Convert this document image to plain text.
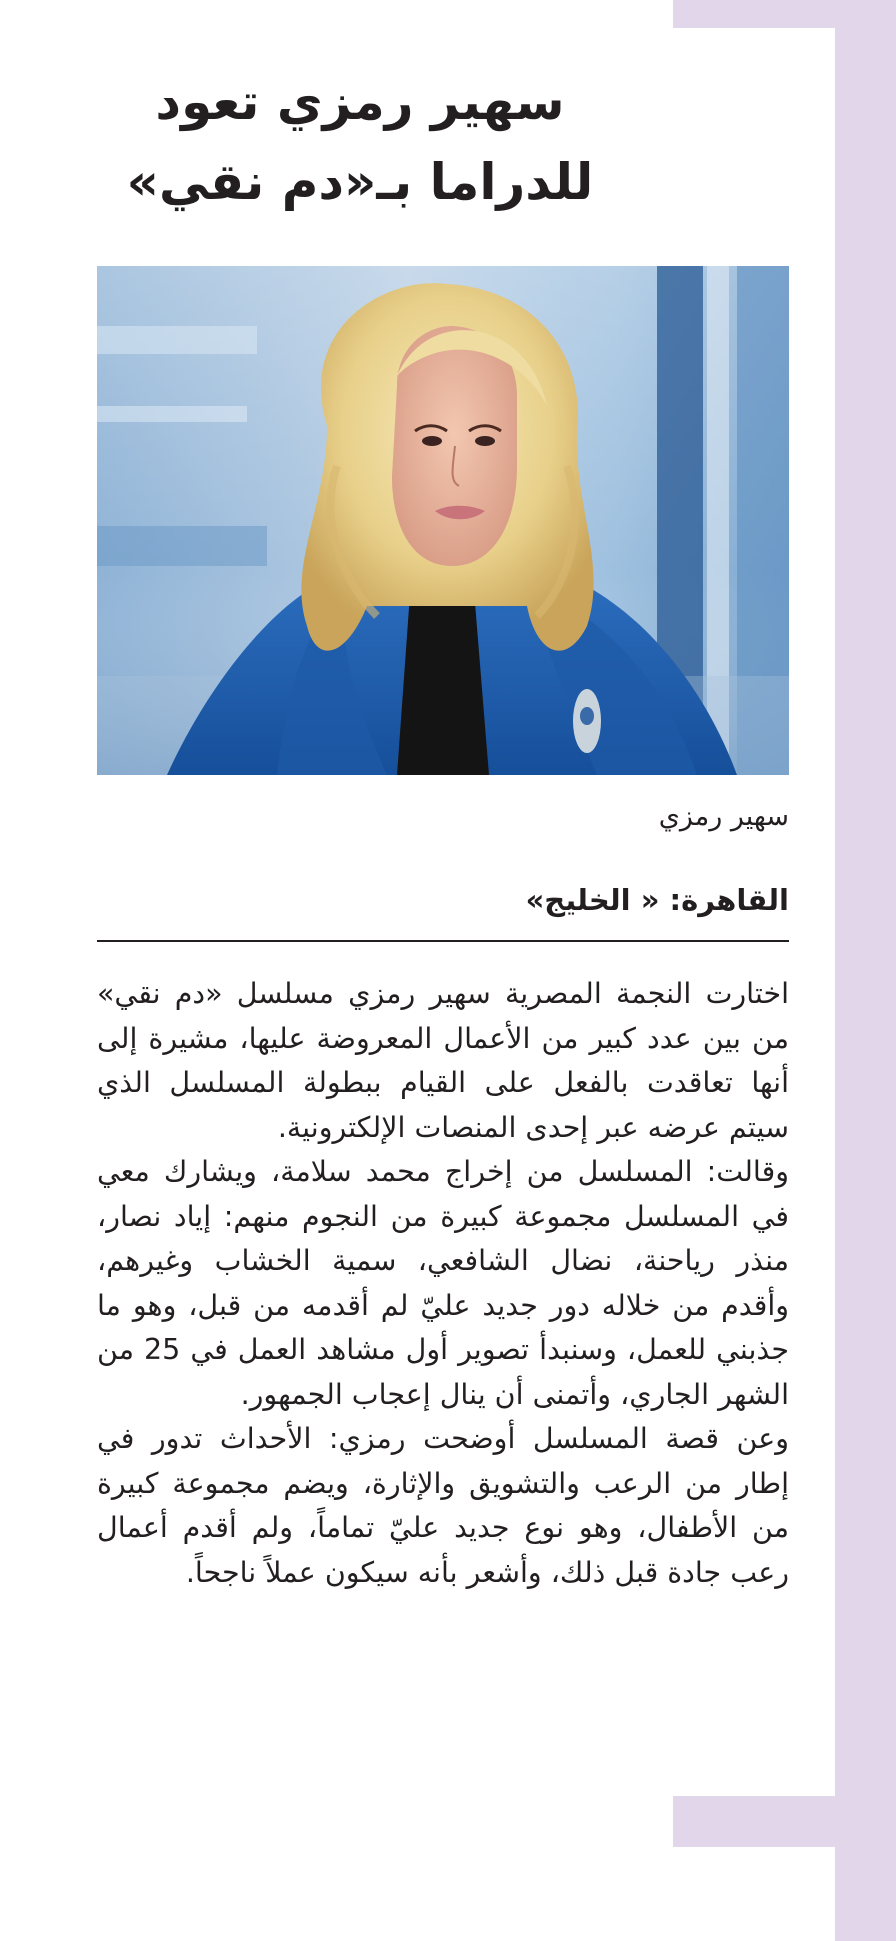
سهير رمزي تعود
للدراما بـ«دم نقي»

سهير رمزي

القاهرة: « الخليج»

اختارت النجمة المصرية سهير رمزي مسلسل «دم نقي» من بين عدد كبير من الأعمال المعروضة عليها، مشيرة إلى أنها تعاقدت بالفعل على القيام ببطولة المسلسل الذي سيتم عرضه عبر إحدى المنصات الإلكترونية.

وقالت: المسلسل من إخراج محمد سلامة، ويشارك معي في المسلسل مجموعة كبيرة من النجوم منهم: إياد نصار، منذر رياحنة، نضال الشافعي، سمية الخشاب وغيرهم، وأقدم من خلاله دور جديد عليّ لم أقدمه من قبل، وهو ما جذبني للعمل، وسنبدأ تصوير أول مشاهد العمل في 25 من الشهر الجاري، وأتمنى أن ينال إعجاب الجمهور.

وعن قصة المسلسل أوضحت رمزي: الأحداث تدور في إطار من الرعب والتشويق والإثارة، ويضم مجموعة كبيرة من الأطفال، وهو نوع جديد عليّ تماماً، ولم أقدم أعمال رعب جادة قبل ذلك، وأشعر بأنه سيكون عملاً ناجحاً.
